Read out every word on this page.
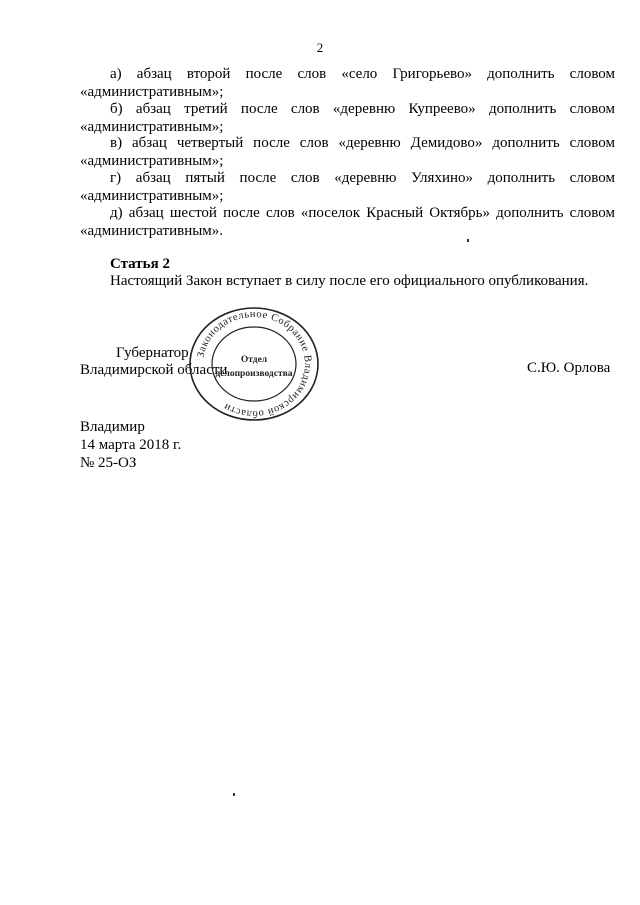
2
а) абзац второй после слов «село Григорьево» дополнить словом
«административным»;
б) абзац третий после слов «деревню Купреево» дополнить словом
«административным»;
в) абзац четвертый после слов «деревню Демидово» дополнить словом
«административным»;
г) абзац пятый после слов «деревню Уляхино» дополнить словом
«административным»;
д) абзац шестой после слов «поселок Красный Октябрь» дополнить словом
«административным».
Статья 2
Настоящий Закон вступает в силу после его официального опубликования.
Губернатор
Владимирской области
Законодательное Собрание Владимирской области
Отдел
делопроизводства	С.Ю. Орлова
Владимир
14 марта 2018 г.
№ 25-ОЗ
